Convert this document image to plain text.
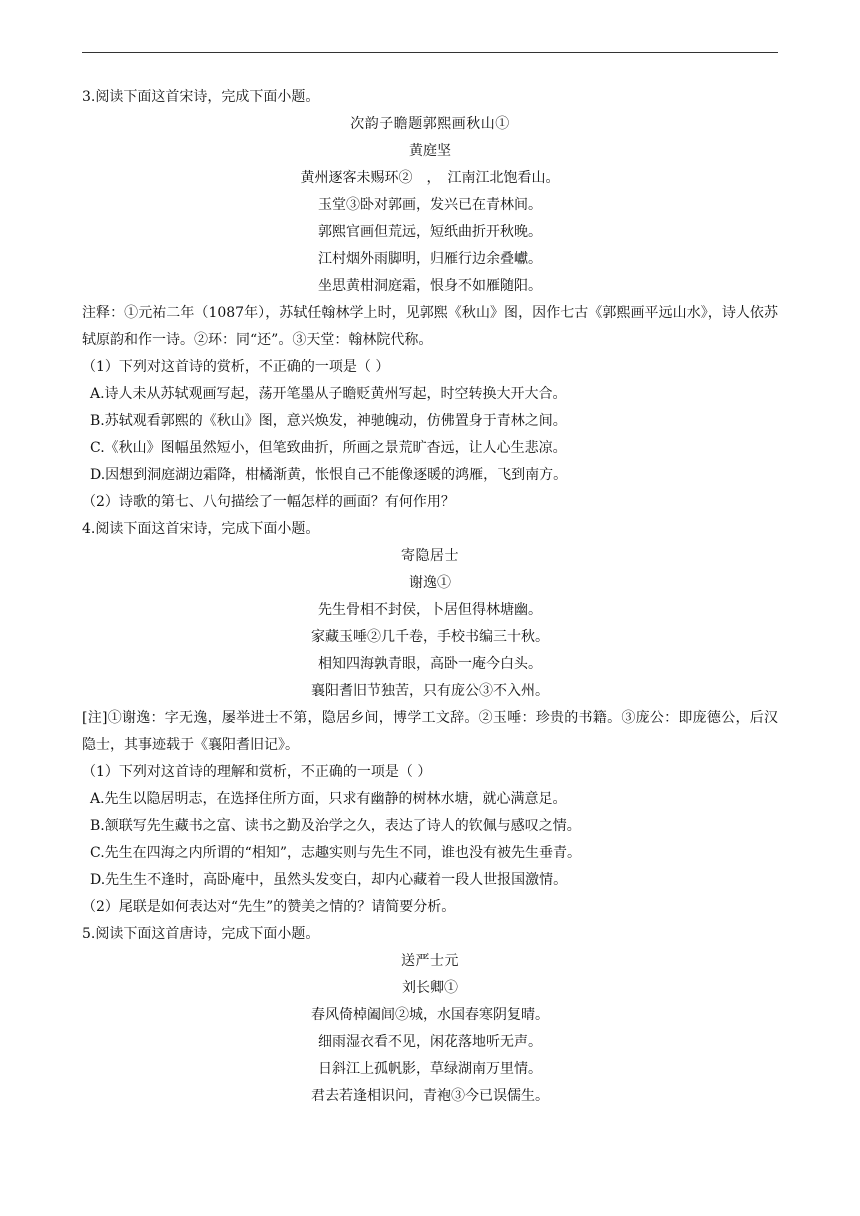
3.阅读下面这首宋诗，完成下面小题。
次韵子瞻题郭熙画秋山①
黄庭坚
黄州逐客未赐环②　，　江南江北饱看山。
玉堂③卧对郭画，发兴已在青林间。
郭熙官画但荒远，短纸曲折开秋晚。
江村烟外雨脚明，归雁行边余叠巘。
坐思黄柑洞庭霜，恨身不如雁随阳。
注释：①元祐二年（1087年），苏轼任翰林学上时，见郭熙《秋山》图，因作七古《郭熙画平远山水》，诗人依苏轼原韵和作一诗。②环：同“还”。③天堂：翰林院代称。
（1）下列对这首诗的赏析，不正确的一项是（ ）
A.诗人未从苏轼观画写起，荡开笔墨从子瞻贬黄州写起，时空转换大开大合。
B.苏轼观看郭熙的《秋山》图，意兴焕发，神驰魄动，仿佛置身于青林之间。
C.《秋山》图幅虽然短小，但笔致曲折，所画之景荒旷杳远，让人心生悲凉。
D.因想到洞庭湖边霜降，柑橘渐黄，怅恨自己不能像逐暖的鸿雁，飞到南方。
（2）诗歌的第七、八句描绘了一幅怎样的画面？有何作用？
4.阅读下面这首宋诗，完成下面小题。
寄隐居士
谢逸①
先生骨相不封侯，卜居但得林塘幽。
家藏玉唾②几千卷，手校书编三十秋。
相知四海孰青眼，高卧一庵今白头。
襄阳耆旧节独苦，只有庞公③不入州。
[注]①谢逸：字无逸，屡举进士不第，隐居乡间，博学工文辞。②玉唾：珍贵的书籍。③庞公：即庞德公，后汉隐士，其事迹载于《襄阳耆旧记》。
（1）下列对这首诗的理解和赏析，不正确的一项是（ ）
A.先生以隐居明志，在选择住所方面，只求有幽静的树林水塘，就心满意足。
B.颔联写先生藏书之富、读书之勤及治学之久，表达了诗人的钦佩与感叹之情。
C.先生在四海之内所谓的“相知”，志趣实则与先生不同，谁也没有被先生垂青。
D.先生生不逢时，高卧庵中，虽然头发变白，却内心藏着一段人世报国激情。
（2）尾联是如何表达对“先生”的赞美之情的？请简要分析。
5.阅读下面这首唐诗，完成下面小题。
送严士元
刘长卿①
春风倚棹阖闾②城，水国春寒阴复晴。
细雨湿衣看不见，闲花落地听无声。
日斜江上孤帆影，草绿湖南万里情。
君去若逢相识问，青袍③今已误儒生。
